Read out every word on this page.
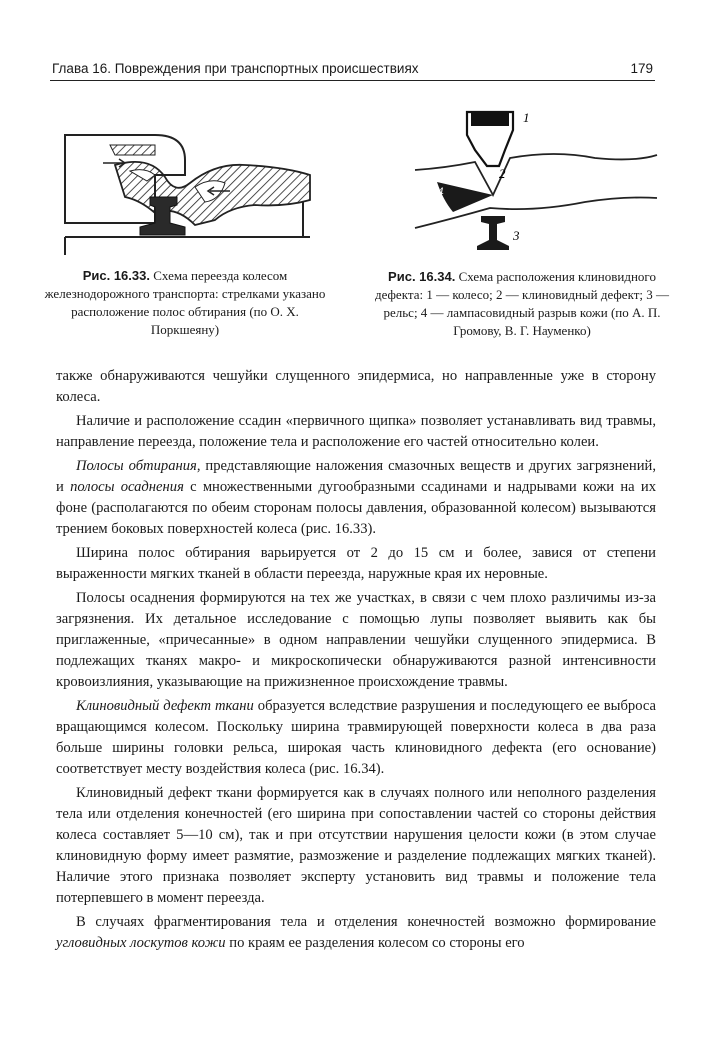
Глава 16. Повреждения при транспортных происшествиях	179
1
2
3
4
Рис. 16.33. Схема переезда колесом железнодорожного транспорта: стрелками указано расположение полос обтирания (по О. Х. Поркшеяну)
Рис. 16.34. Схема расположения клиновидного дефекта: 1 — колесо; 2 — клиновидный дефект; 3 — рельс; 4 — лампасовидный разрыв кожи (по А. П. Громову, В. Г. Науменко)

также обнаруживаются чешуйки слущенного эпидермиса, но направленные уже в сторону колеса.

Наличие и расположение ссадин «первичного щипка» позволяет устанавливать вид травмы, направление переезда, положение тела и расположение его частей относительно колеи.

Полосы обтирания, представляющие наложения смазочных веществ и других загрязнений, и полосы осаднения с множественными дугообразными ссадинами и надрывами кожи на их фоне (располагаются по обеим сторонам полосы давления, образованной колесом) вызываются трением боковых поверхностей колеса (рис. 16.33).

Ширина полос обтирания варьируется от 2 до 15 см и более, завися от степени выраженности мягких тканей в области переезда, наружные края их неровные.

Полосы осаднения формируются на тех же участках, в связи с чем плохо различимы из-за загрязнения. Их детальное исследование с помощью лупы позволяет выявить как бы приглаженные, «причесанные» в одном направлении чешуйки слущенного эпидермиса. В подлежащих тканях макро- и микроскопически обнаруживаются разной интенсивности кровоизлияния, указывающие на прижизненное происхождение травмы.

Клиновидный дефект ткани образуется вследствие разрушения и последующего ее выброса вращающимся колесом. Поскольку ширина травмирующей поверхности колеса в два раза больше ширины головки рельса, широкая часть клиновидного дефекта (его основание) соответствует месту воздействия колеса (рис. 16.34).

Клиновидный дефект ткани формируется как в случаях полного или неполного разделения тела или отделения конечностей (его ширина при сопоставлении частей со стороны действия колеса составляет 5—10 см), так и при отсутствии нарушения целости кожи (в этом случае клиновидную форму имеет размятие, размозжение и разделение подлежащих мягких тканей). Наличие этого признака позволяет эксперту установить вид травмы и положение тела потерпевшего в момент переезда.

В случаях фрагментирования тела и отделения конечностей возможно формирование угловидных лоскутов кожи по краям ее разделения колесом со стороны его
